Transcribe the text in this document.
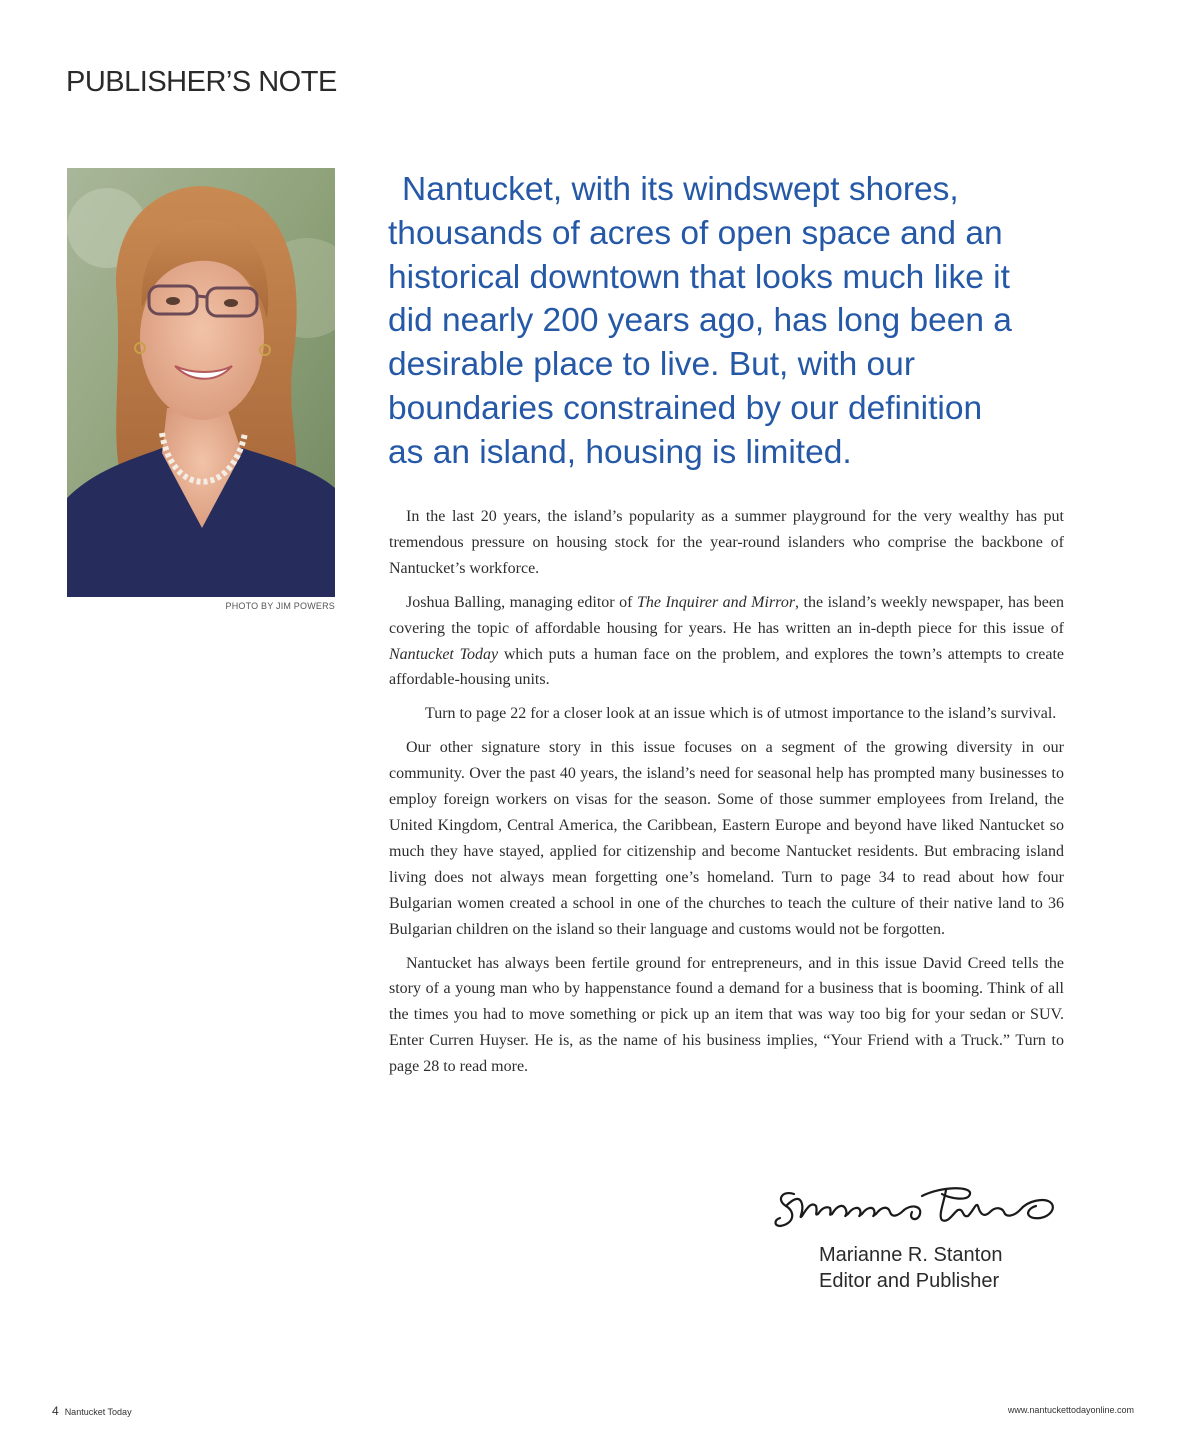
PUBLISHER’S NOTE
PHOTO BY JIM POWERS

Nantucket, with its windswept shores,
thousands of acres of open space and an
historical downtown that looks much like it
did nearly 200 years ago, has long been a
desirable place to live. But, with our
boundaries constrained by our definition
as an island, housing is limited.

In the last 20 years, the island’s popularity as a summer playground for the very wealthy has put tremendous pressure on housing stock for the year-round islanders who comprise the backbone of Nantucket’s workforce.

Joshua Balling, managing editor of The Inquirer and Mirror, the island’s weekly newspaper, has been covering the topic of affordable housing for years. He has written an in-depth piece for this issue of Nantucket Today which puts a human face on the problem, and explores the town’s attempts to create affordable-housing units.

Turn to page 22 for a closer look at an issue which is of utmost importance to the island’s survival.

Our other signature story in this issue focuses on a segment of the growing diversity in our community. Over the past 40 years, the island’s need for seasonal help has prompted many businesses to employ foreign workers on visas for the season. Some of those summer employees from Ireland, the United Kingdom, Central America, the Caribbean, Eastern Europe and beyond have liked Nantucket so much they have stayed, applied for citizenship and become Nantucket residents. But embracing island living does not always mean forgetting one’s homeland. Turn to page 34 to read about how four Bulgarian women created a school in one of the churches to teach the culture of their native land to 36 Bulgarian children on the island so their language and customs would not be forgotten.

Nantucket has always been fertile ground for entrepreneurs, and in this issue David Creed tells the story of a young man who by happenstance found a demand for a business that is booming. Think of all the times you had to move something or pick up an item that was way too big for your sedan or SUV. Enter Curren Huyser. He is, as the name of his business implies, “Your Friend with a Truck.” Turn to page 28 to read more.

Marianne R. Stanton
Editor and Publisher
4 Nantucket Today	www.nantuckettodayonline.com
